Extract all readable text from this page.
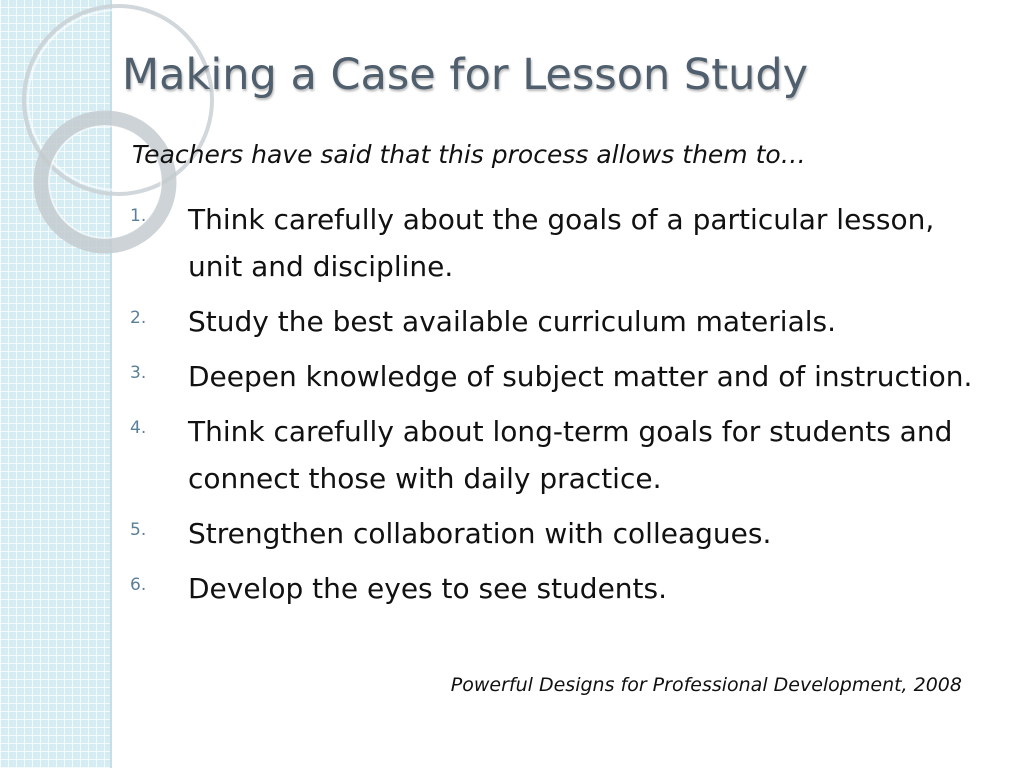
Making a Case for Lesson Study

Teachers have said that this process allows them to…

1.	Think carefully about the goals of a particular lesson, unit and discipline.
2.	Study the best available curriculum materials.
3.	Deepen knowledge of subject matter and of instruction.
4.	Think carefully about long-term goals for students and connect those with daily practice.
5.	Strengthen collaboration with colleagues.
6.	Develop the eyes to see students.

Powerful Designs for Professional Development, 2008
